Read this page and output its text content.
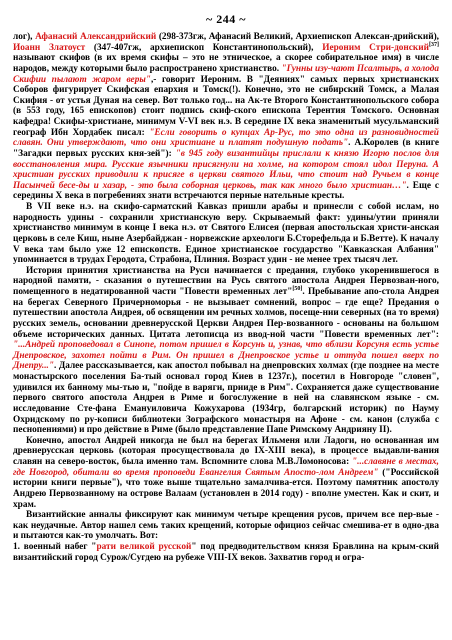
~ 244 ~

лог), Афанасий Александрийский (298-373гж, Афанасий Великий, Архиепископ Алексан-дрийский), Иоанн Златоуст (347-407гж, архиепископ Константинопольский), Иероним Стри-донский[37] называют скифов (в их время скифы – это не этническое, а скорее собирательное имя) в числе народов, между которыми было распространено христианство. "Гунны изу-чают Псалтырь, а холода Скифии пылают жаром веры",- говорит Иероним. В "Деяниях" самых первых христианских Соборов фигурирует Скифская епархия и Томск(!). Конечно, это не сибирский Томск, а Малая Скифия - от устья Дуная на север. Вот только год... на Ак-те Второго Константинопольского собора (в 553 году, 165 епископов) стоит подпись скиф-ского епископа Терентия Томского. Основная кафедра! Скифы-христиане, минимум V-VI век н.э. В середине IX века знаменитый мусульманский географ Ибн Хордабек писал: "Если говорить о купцах Ар-Рус, то это одна из разновидностей славян. Они утверждают, что они христиане и платят подушную подать". А.Королев (в книге "Загадки первых русских кня-зей"): "в 945 году византийцы прислали к князю Игорю послов для восстановления мира. Русские язычники присягнули на холме, на котором стоял идол Перуна. А христиан русских приводили к присяге в церкви святого Ильи, что стоит над Ручьем в конце Пасынчей бесе-ды и хазар, - это была соборная церковь, так как много было христиан…". Еще с середины X века в погребениях знати встречаются перные нательные кресты.

В VII веке н.э. на скифо-сарматский Кавказ пришли арабы и принесли с собой ислам, но народность удины - сохранили христианскую веру. Скрываемый факт: удины/утии приняли христианство минимум в конце I века н.э. от Святого Елисея (первая апостольская христи-анская церковь в селе Киш, ныне Азербайджан - норвежские археологи Б.Сторефельда и Б.Ветте). К началу V века там было уже 12 епископств. Единое христианское государство "Кавказская Албания" упоминается в трудах Геродота, Страбона, Плиния. Возраст удин - не менее трех тысяч лет.

История принятия христианства на Руси начинается с предания, глубоко укоренившегося в народной памяти, - сказания о путешествии на Русь святого апостола Андрея Первозван-ного, помещенного в недатированной части "Повести временных лет"[50]. Пребывание апо-стола Андрея на берегах Северного Причерноморья - не вызывает сомнений, вопрос – где еще? Предания о путешествии апостола Андрея, об освящении им речных холмов, посеще-нии северных (на то время) русских земель, основании древнерусской Церкви Андрея Пер-возванного - основаны на большом объеме исторических данных. Цитата летописца из ввод-ной части "Повести временных лет": "...Андрей проповедовал в Синопе, потом пришел в Корсунь и, узнав, что вблизи Корсуня есть устье Днепровское, захотел пойти в Рим. Он пришел в Днепровское устье и оттуда пошел вверх по Днепру...". Далее рассказывается, как апостол побывал на днепровских холмах (где позднее на месте монастырского поселения Ба-тый основал город Киев в 1237г.), посетил в Новгороде "словен", удивился их банному мы-тью и, "пойде в варяги, прииде в Рим". Сохраняется даже существование первого святого апостола Андрея в Риме и богослужение в ней на славянском языке - см. исследование Сте-фана Емануиловича Кожухарова (1934гр, болгарский историк) по Науму Охридскому по ру-кописи библиотеки Зографского монастыря на Афоне - см. канон (служба с песнопениями) и про действие в Риме (было представление Папе Римскому Андрияну II).

Конечно, апостол Андрей никогда не был на берегах Ильменя или Ладоги, но основанная им древнерусская церковь (которая просуществовала до IX-XIII века), в процессе выдавли-вания славян на северо-восток, была именно там. Вспомните слова М.В.Ломоносова: "...славяне в местах, где Новгород, обитали во время проповеди Евангелия Святым Апосто-лом Андреем" ("Российской истории книги первые"), что тоже выше тщательно замалчива-ется. Поэтому памятник апостолу Андрею Первозванному на острове Валаам (установлен в 2014 году) - вполне уместен. Как и скит, и храм.

Византийские анналы фиксируют как минимум четыре крещения русов, причем все пер-вые - как неудачные. Автор нашел семь таких крещений, которые официоз сейчас смешива-ет в одно-два и пытаются как-то умолчать. Вот:

1. военный набег "рати великой русской" под предводительством князя Бравлина на крым-ский византийский город Сурож/Сугдею на рубеже VIII-IX веков. Захватив город и огра-
